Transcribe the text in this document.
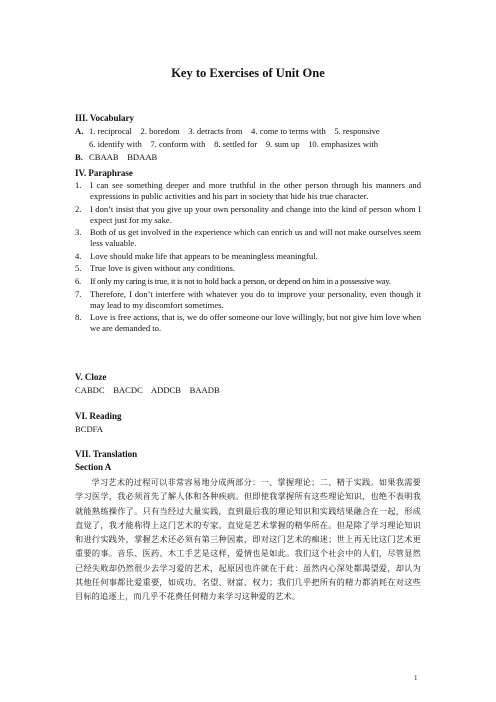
Key to Exercises of Unit One
III. Vocabulary
A. 1. reciprocal    2. boredom    3. detracts from    4. come to terms with    5. responsive
6. identify with    7. conform with    8. settled for    9. sum up    10. emphasizes with
B. CBAAB    BDAAB
IV. Paraphrase
1. I can see something deeper and more truthful in the other person through his manners and expressions in public activities and his part in society that hide his true character.
2. I don’t insist that you give up your own personality and change into the kind of person whom I expect just for my sake.
3. Both of us get involved in the experience which can enrich us and will not make ourselves seem less valuable.
4. Love should make life that appears to be meaningless meaningful.
5. True love is given without any conditions.
6. If only my caring is true, it is not to hold back a person, or depend on him in a possessive way.
7. Therefore, I don’t interfere with whatever you do to improve your personality, even though it may lead to my discomfort sometimes.
8. Love is free actions, that is, we do offer someone our love willingly, but not give him love when we are demanded to.
V. Cloze
CABDC    BACDC    ADDCB    BAADB
VI. Reading
BCDFA
VII. Translation
Section A

学习艺术的过程可以非常容易地分成两部分：一、掌握理论；二、精于实践。如果我需要学习医学，我必须首先了解人体和各种疾病。但即使我掌握所有这些理论知识，也绝不表明我就能熟练操作了。只有当经过大量实践，直到最后我的理论知识和实践结果融合在一起，形成直觉了，我才能称得上这门艺术的专家。直觉是艺术掌握的精华所在。但是除了学习理论知识和进行实践外，掌握艺术还必须有第三种因素，即对这门艺术的痴迷；世上再无比这门艺术更重要的事。音乐、医药、木工手艺是这样，爱情也是如此。我们这个社会中的人们，尽管显然已经失败却仍然很少去学习爱的艺术，起原因也许就在于此：虽然内心深处都渴望爱，却认为其他任何事都比爱重要，如成功、名望、财富、权力；我们几乎把所有的精力都消耗在对这些目标的追逐上，而几乎不花费任何精力来学习这种爱的艺术。

1
